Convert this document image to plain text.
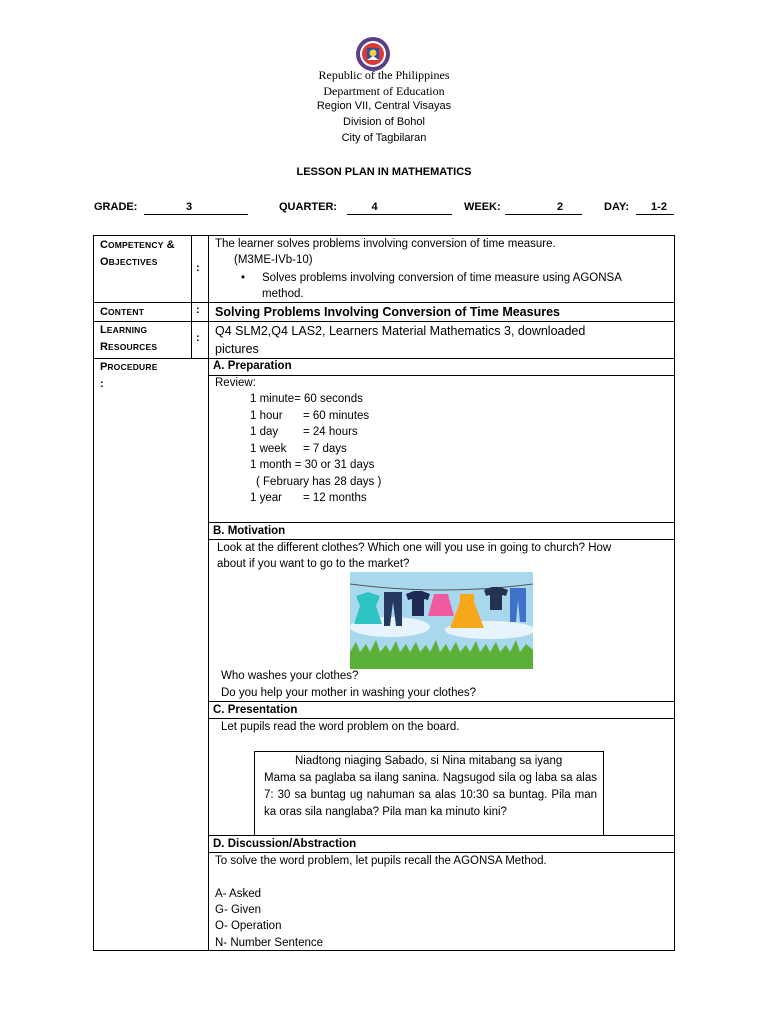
Republic of the Philippines
Department of Education
Region VII, Central Visayas
Division of Bohol
City of Tagbilaran
LESSON PLAN IN MATHEMATICS
GRADE:	3	QUARTER:	4	WEEK:	2	DAY:	1-2
COMPETENCY &
OBJECTIVES
:
The learner solves problems involving conversion of time measure.
(M3ME-IVb-10)
• Solves problems involving conversion of time measure using AGONSA
method.
CONTENT	: Solving Problems Involving Conversion of Time Measures
LEARNING
RESOURCES
: Q4 SLM2,Q4 LAS2, Learners Material Mathematics 3, downloaded
pictures
PROCEDURE
:
A. Preparation
Review:
1 minute= 60 seconds	
1 hour	= 60 minutes
1 day	= 24 hours
1 week	= 7 days
1 month = 30 or 31 days	
( February has 28 days )	
1 year	= 12 months
B. Motivation
Look at the different clothes? Which one will you use in going to church? How
about if you want to go to the market?
Who washes your clothes?
Do you help your mother in washing your clothes?
C. Presentation
Let pupils read the word problem on the board.
Niadtong niaging Sabado, si Nina mitabang sa iyang
Mama sa paglaba sa ilang sanina. Nagsugod sila og laba sa alas 7: 30 sa buntag ug nahuman sa alas 10:30 sa buntag. Pila man ka oras sila nanglaba? Pila man ka minuto kini?
D. Discussion/Abstraction
To solve the word problem, let pupils recall the AGONSA Method.
A- Asked
G- Given
O- Operation
N- Number Sentence
